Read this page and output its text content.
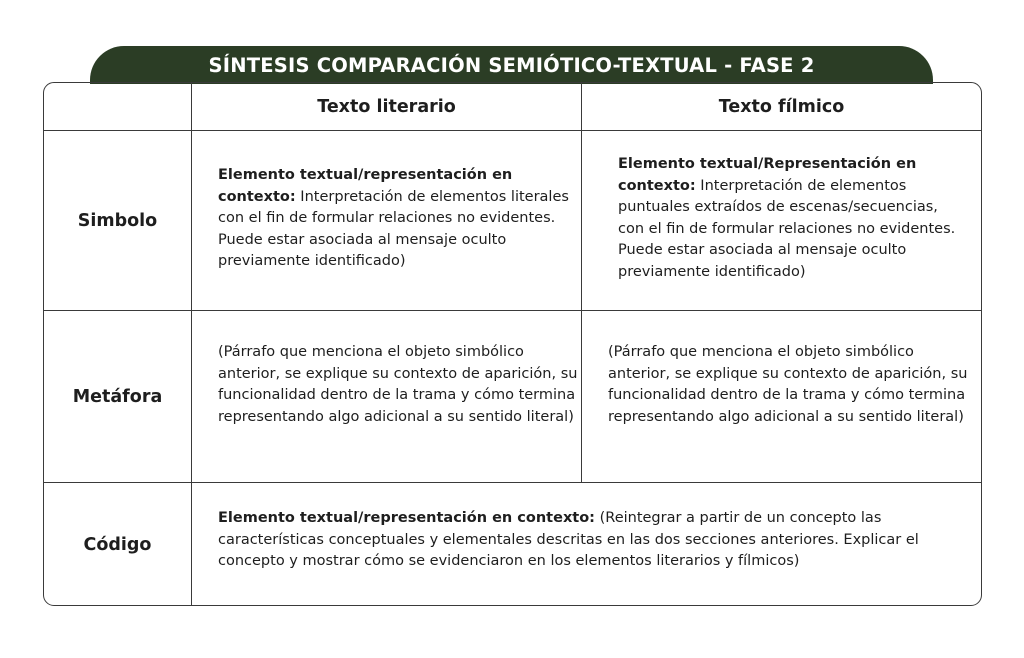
SÍNTESIS COMPARACIÓN SEMIÓTICO-TEXTUAL - FASE 2
Texto literario	Texto fílmico
Simbolo
Metáfora
Código
Elemento textual/representación en contexto: Interpretación de elementos literales con el fin de formular relaciones no evidentes. Puede estar asociada al mensaje oculto previamente identificado)
Elemento textual/Representación en contexto: Interpretación de elementos puntuales extraídos de escenas/secuencias, con el fin de formular relaciones no evidentes. Puede estar asociada al mensaje oculto previamente identificado)
(Párrafo que menciona el objeto simbólico anterior, se explique su contexto de aparición, su funcionalidad dentro de la trama y cómo termina representando algo adicional a su sentido literal)
(Párrafo que menciona el objeto simbólico anterior, se explique su contexto de aparición, su funcionalidad dentro de la trama y cómo termina representando algo adicional a su sentido literal)
Elemento textual/representación en contexto: (Reintegrar a partir de un concepto las características conceptuales y elementales descritas en las dos secciones anteriores. Explicar el concepto y mostrar cómo se evidenciaron en los elementos literarios y fílmicos)
